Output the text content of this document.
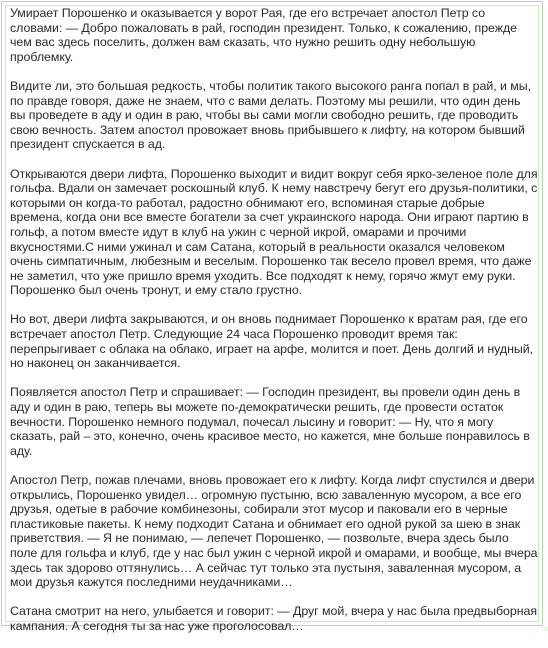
Умирает Порошенко и оказывается у ворот Рая, где его встречает апостол Петр со словами: — Добро пожаловать в рай, господин президент. Только, к сожалению, прежде чем вас здесь поселить, должен вам сказать, что нужно решить одну небольшую проблемку.

Видите ли, это большая редкость, чтобы политик такого высокого ранга попал в рай, и мы, по правде говоря, даже не знаем, что с вами делать. Поэтому мы решили, что один день вы проведете в аду и один в раю, чтобы вы сами могли свободно решить, где проводить свою вечность. Затем апостол провожает вновь прибывшего к лифту, на котором бывший президент спускается в ад.

Открываются двери лифта, Порошенко выходит и видит вокруг себя ярко-зеленое поле для гольфа. Вдали он замечает роскошный клуб. К нему навстречу бегут его друзья-политики, с которыми он когда-то работал, радостно обнимают его, вспоминая старые добрые времена, когда они все вместе богатели за счет украинского народа. Они играют партию в гольф, а потом вместе идут в клуб на ужин с черной икрой, омарами и прочими вкусностями.С ними ужинал и сам Сатана, который в реальности оказался человеком очень симпатичным, любезным и веселым. Порошенко так весело провел время, что даже не заметил, что уже пришло время уходить. Все подходят к нему, горячо жмут ему руки. Порошенко был очень тронут, и ему стало грустно.

Но вот, двери лифта закрываются, и он вновь поднимает Порошенко к вратам рая, где его встречает апостол Петр. Следующие 24 часа Порошенко проводит время так: перепрыгивает с облака на облако, играет на арфе, молится и поет. День долгий и нудный, но наконец он заканчивается.

Появляется апостол Петр и спрашивает: — Господин президент, вы провели один день в аду и один в раю, теперь вы можете по-демократически решить, где провести остаток вечности. Порошенко немного подумал, почесал лысину и говорит: — Ну, что я могу сказать, рай – это, конечно, очень красивое место, но кажется, мне больше понравилось в аду.

Апостол Петр, пожав плечами, вновь провожает его к лифту. Когда лифт спустился и двери открылись, Порошенко увидел… огромную пустыню, всю заваленную мусором, а все его друзья, одетые в рабочие комбинезоны, собирали этот мусор и паковали его в черные пластиковые пакеты. К нему подходит Сатана и обнимает его одной рукой за шею в знак приветствия. — Я не понимаю, — лепечет Порошенко, — позвольте, вчера здесь было поле для гольфа и клуб, где у нас был ужин с черной икрой и омарами, и вообще, мы вчера здесь так здорово оттянулись… А сейчас тут только эта пустыня, заваленная мусором, а мои друзья кажутся последними неудачниками…

Сатана смотрит на него, улыбается и говорит: — Друг мой, вчера у нас была предвыборная кампания. А сегодня ты за нас уже проголосовал…
